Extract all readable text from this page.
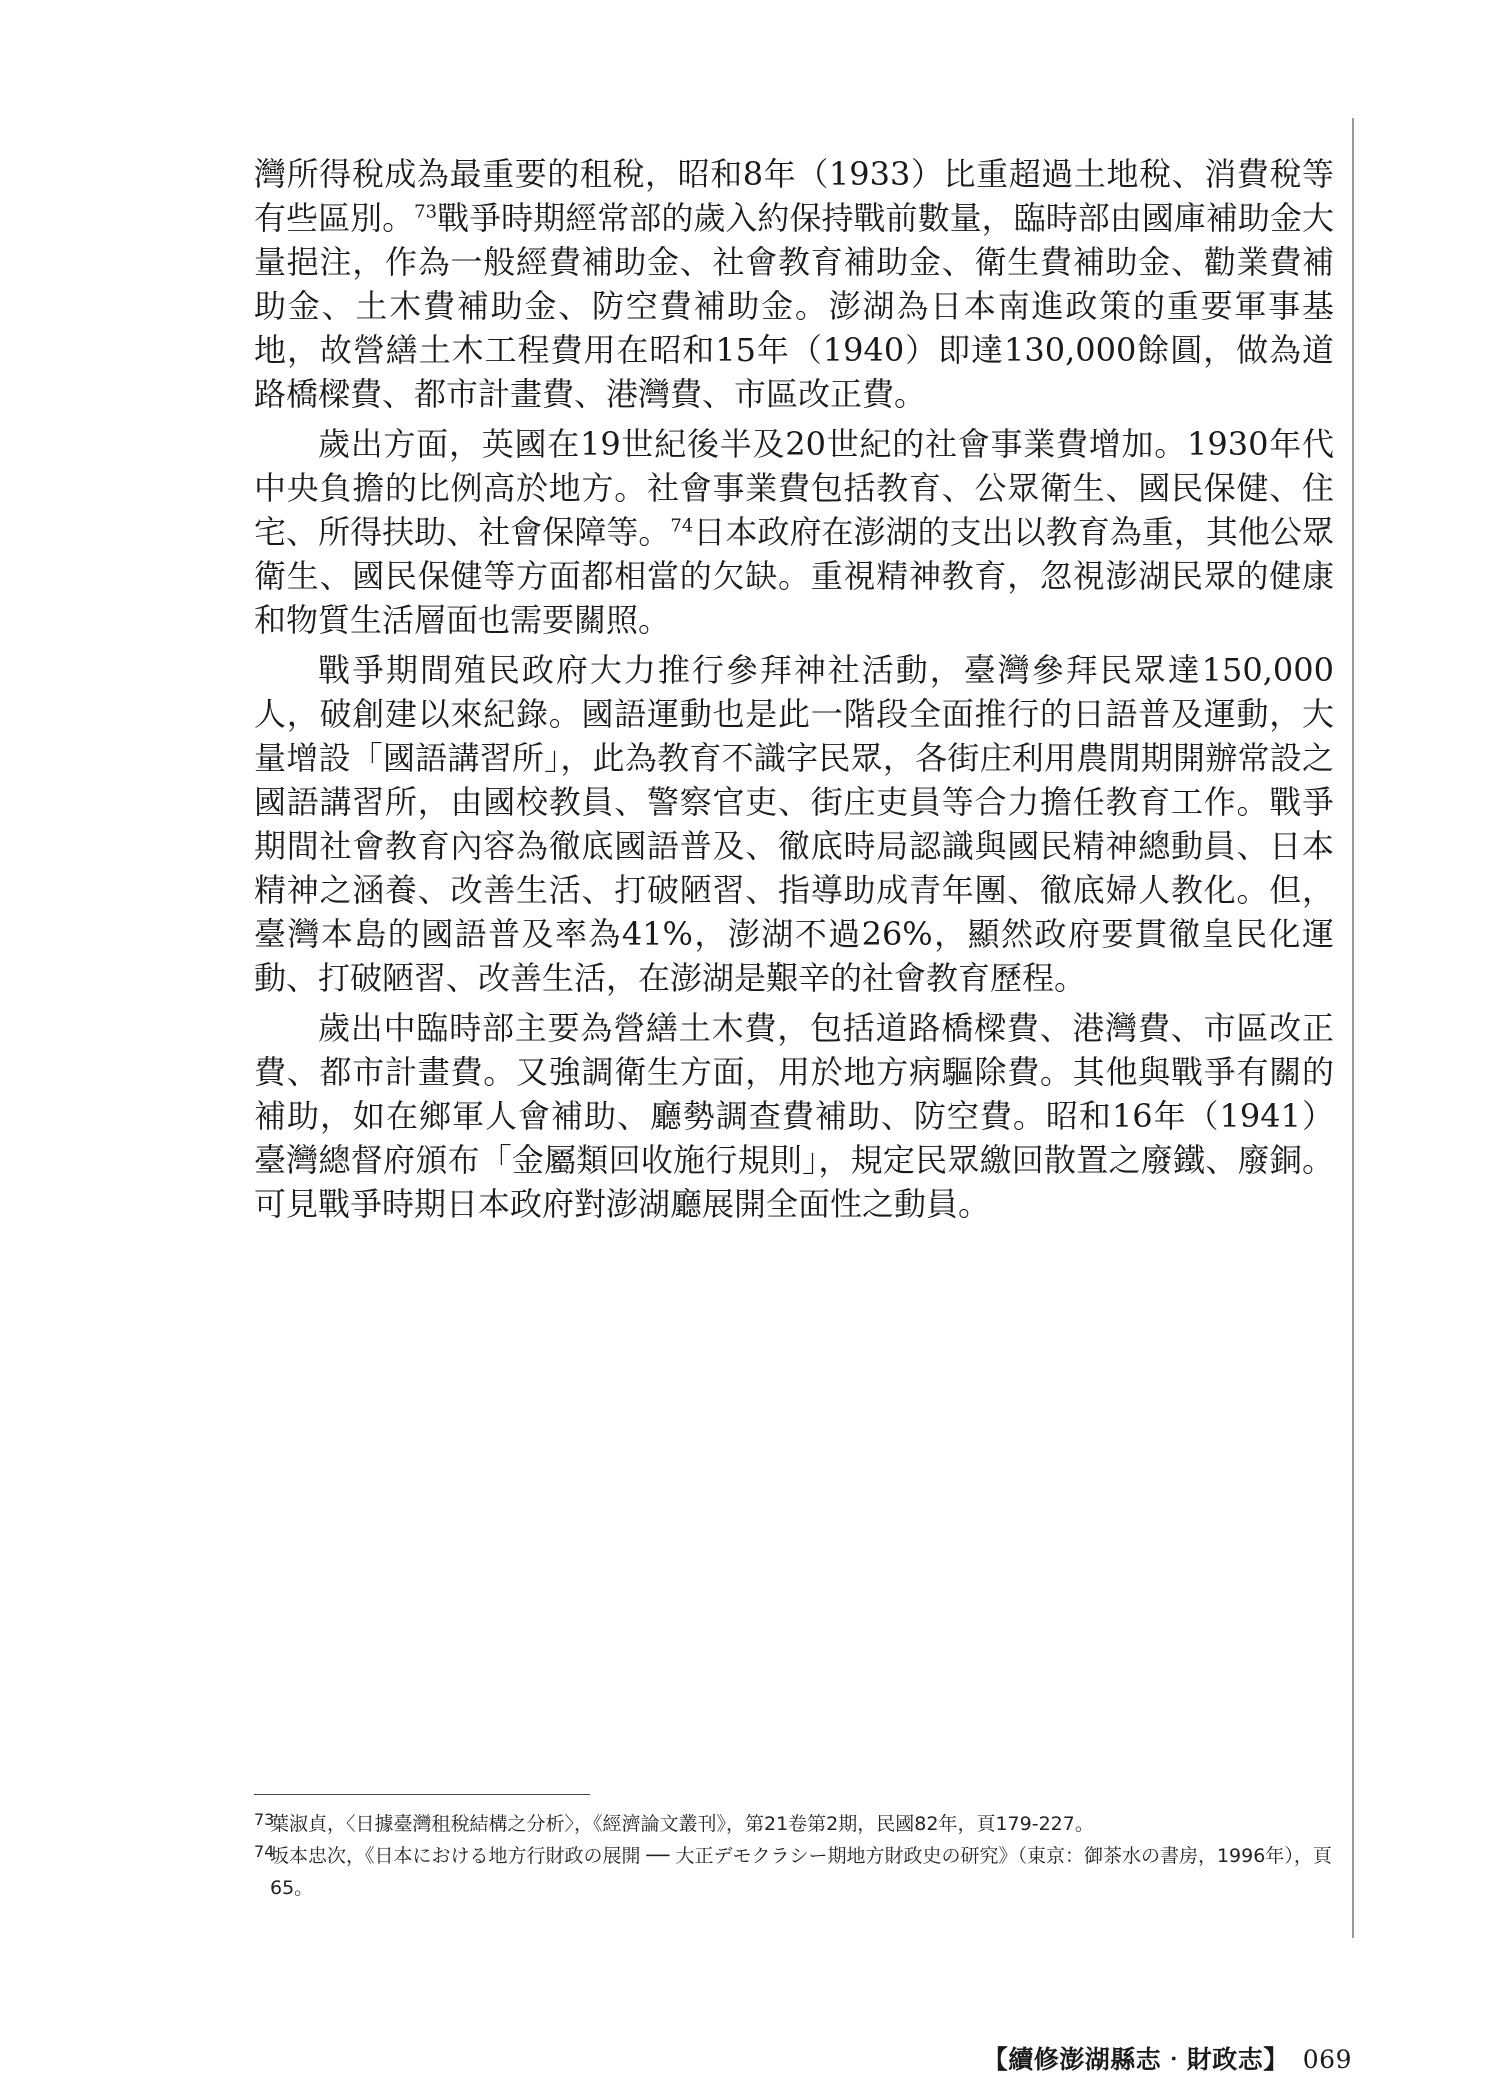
灣所得稅成為最重要的租稅，昭和8年（1933）比重超過土地稅、消費稅等有些區別。$^{73}$戰爭時期經常部的歲入約保持戰前數量，臨時部由國庫補助金大量挹注，作為一般經費補助金、社會教育補助金、衛生費補助金、勸業費補助金、土木費補助金、防空費補助金。澎湖為日本南進政策的重要軍事基地，故營繕土木工程費用在昭和15年（1940）即達130,000餘圓，做為道路橋樑費、都市計畫費、港灣費、市區改正費。

歲出方面，英國在19世紀後半及20世紀的社會事業費增加。1930年代中央負擔的比例高於地方。社會事業費包括教育、公眾衛生、國民保健、住宅、所得扶助、社會保障等。$^{74}$日本政府在澎湖的支出以教育為重，其他公眾衛生、國民保健等方面都相當的欠缺。重視精神教育，忽視澎湖民眾的健康和物質生活層面也需要關照。

戰爭期間殖民政府大力推行參拜神社活動，臺灣參拜民眾達150,000人，破創建以來紀錄。國語運動也是此一階段全面推行的日語普及運動，大量增設「國語講習所」，此為教育不識字民眾，各街庄利用農閒期開辦常設之國語講習所，由國校教員、警察官吏、街庄吏員等合力擔任教育工作。戰爭期間社會教育內容為徹底國語普及、徹底時局認識與國民精神總動員、日本精神之涵養、改善生活、打破陋習、指導助成青年團、徹底婦人教化。但，臺灣本島的國語普及率為41%，澎湖不過26%，顯然政府要貫徹皇民化運動、打破陋習、改善生活，在澎湖是艱辛的社會教育歷程。

歲出中臨時部主要為營繕土木費，包括道路橋樑費、港灣費、市區改正費、都市計畫費。又強調衛生方面，用於地方病驅除費。其他與戰爭有關的補助，如在鄉軍人會補助、廳勢調查費補助、防空費。昭和16年（1941）臺灣總督府頒布「金屬類回收施行規則」，規定民眾繳回散置之廢鐵、廢銅。可見戰爭時期日本政府對澎湖廳展開全面性之動員。

73
葉淑貞，〈日據臺灣租稅結構之分析〉，《經濟論文叢刊》，第21卷第2期，民國82年，頁179-227。
74
坂本忠次，《日本における地方行財政の展開 ── 大正デモクラシー期地方財政史の研究》（東京：御茶水の書房，1996年），頁65。
【續修澎湖縣志‧財政志】 069
